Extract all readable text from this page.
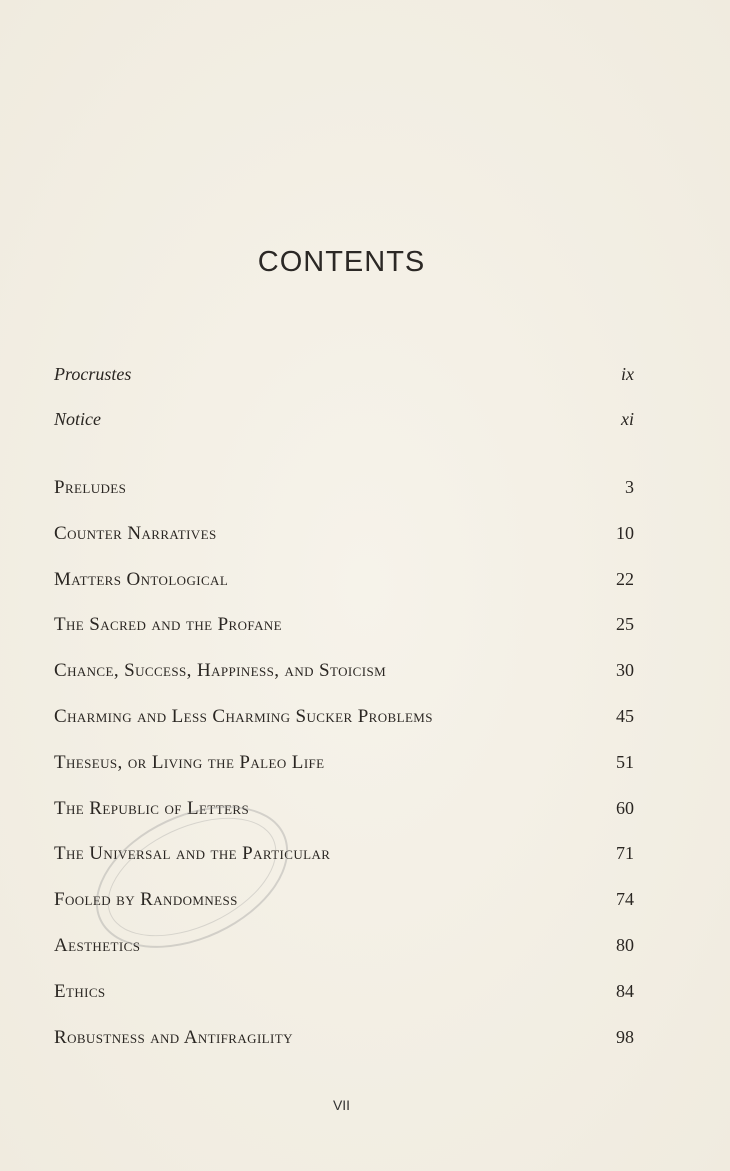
CONTENTS
Procrustes	ix
Notice	xi
Preludes	3
Counter Narratives	10
Matters Ontological	22
The Sacred and the Profane	25
Chance, Success, Happiness, and Stoicism	30
Charming and Less Charming Sucker Problems	45
Theseus, or Living the Paleo Life	51
The Republic of Letters	60
The Universal and the Particular	71
Fooled by Randomness	74
Aesthetics	80
Ethics	84
Robustness and Antifragility	98
VII
